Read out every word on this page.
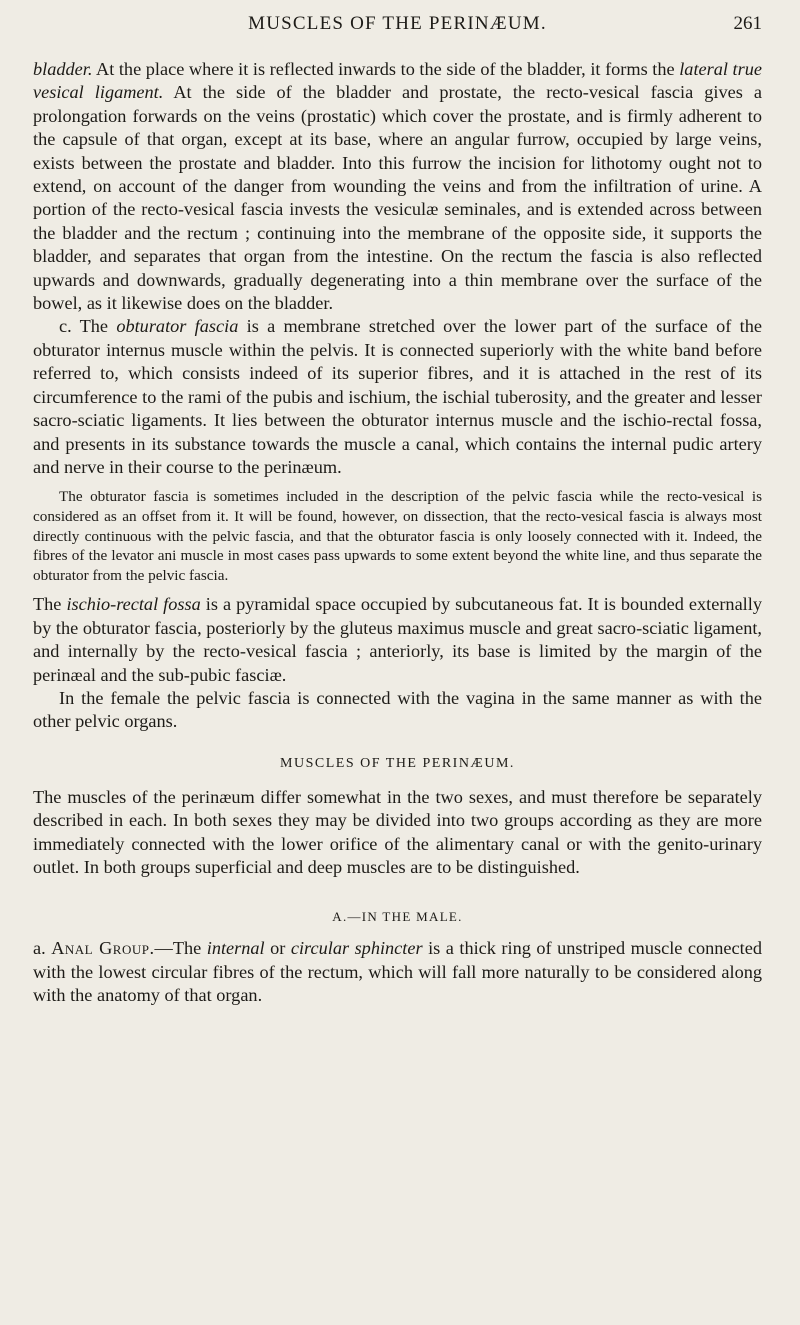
MUSCLES OF THE PERINÆUM.	261

bladder. At the place where it is reflected inwards to the side of the bladder, it forms the lateral true vesical ligament. At the side of the bladder and prostate, the recto-vesical fascia gives a prolongation forwards on the veins (prostatic) which cover the prostate, and is firmly adherent to the capsule of that organ, except at its base, where an angular furrow, occupied by large veins, exists between the prostate and bladder. Into this furrow the incision for lithotomy ought not to extend, on account of the danger from wounding the veins and from the infiltration of urine. A portion of the recto-vesical fascia invests the vesiculæ seminales, and is extended across between the bladder and the rectum ; continuing into the membrane of the opposite side, it supports the bladder, and separates that organ from the intestine. On the rectum the fascia is also reflected upwards and downwards, gradually degenerating into a thin membrane over the surface of the bowel, as it likewise does on the bladder.

c. The obturator fascia is a membrane stretched over the lower part of the surface of the obturator internus muscle within the pelvis. It is connected superiorly with the white band before referred to, which consists indeed of its superior fibres, and it is attached in the rest of its circumference to the rami of the pubis and ischium, the ischial tuberosity, and the greater and lesser sacro-sciatic ligaments. It lies between the obturator internus muscle and the ischio-rectal fossa, and presents in its substance towards the muscle a canal, which contains the internal pudic artery and nerve in their course to the perinæum.

The obturator fascia is sometimes included in the description of the pelvic fascia while the recto-vesical is considered as an offset from it. It will be found, however, on dissection, that the recto-vesical fascia is always most directly continuous with the pelvic fascia, and that the obturator fascia is only loosely connected with it. Indeed, the fibres of the levator ani muscle in most cases pass upwards to some extent beyond the white line, and thus separate the obturator from the pelvic fascia.

The ischio-rectal fossa is a pyramidal space occupied by subcutaneous fat. It is bounded externally by the obturator fascia, posteriorly by the gluteus maximus muscle and great sacro-sciatic ligament, and internally by the recto-vesical fascia ; anteriorly, its base is limited by the margin of the perinæal and the sub-pubic fasciæ.

In the female the pelvic fascia is connected with the vagina in the same manner as with the other pelvic organs.

MUSCLES OF THE PERINÆUM.

The muscles of the perinæum differ somewhat in the two sexes, and must therefore be separately described in each. In both sexes they may be divided into two groups according as they are more immediately connected with the lower orifice of the alimentary canal or with the genito-urinary outlet. In both groups superficial and deep muscles are to be distinguished.

A.—IN THE MALE.

a. Anal Group.—The internal or circular sphincter is a thick ring of unstriped muscle connected with the lowest circular fibres of the rectum, which will fall more naturally to be considered along with the anatomy of that organ.
